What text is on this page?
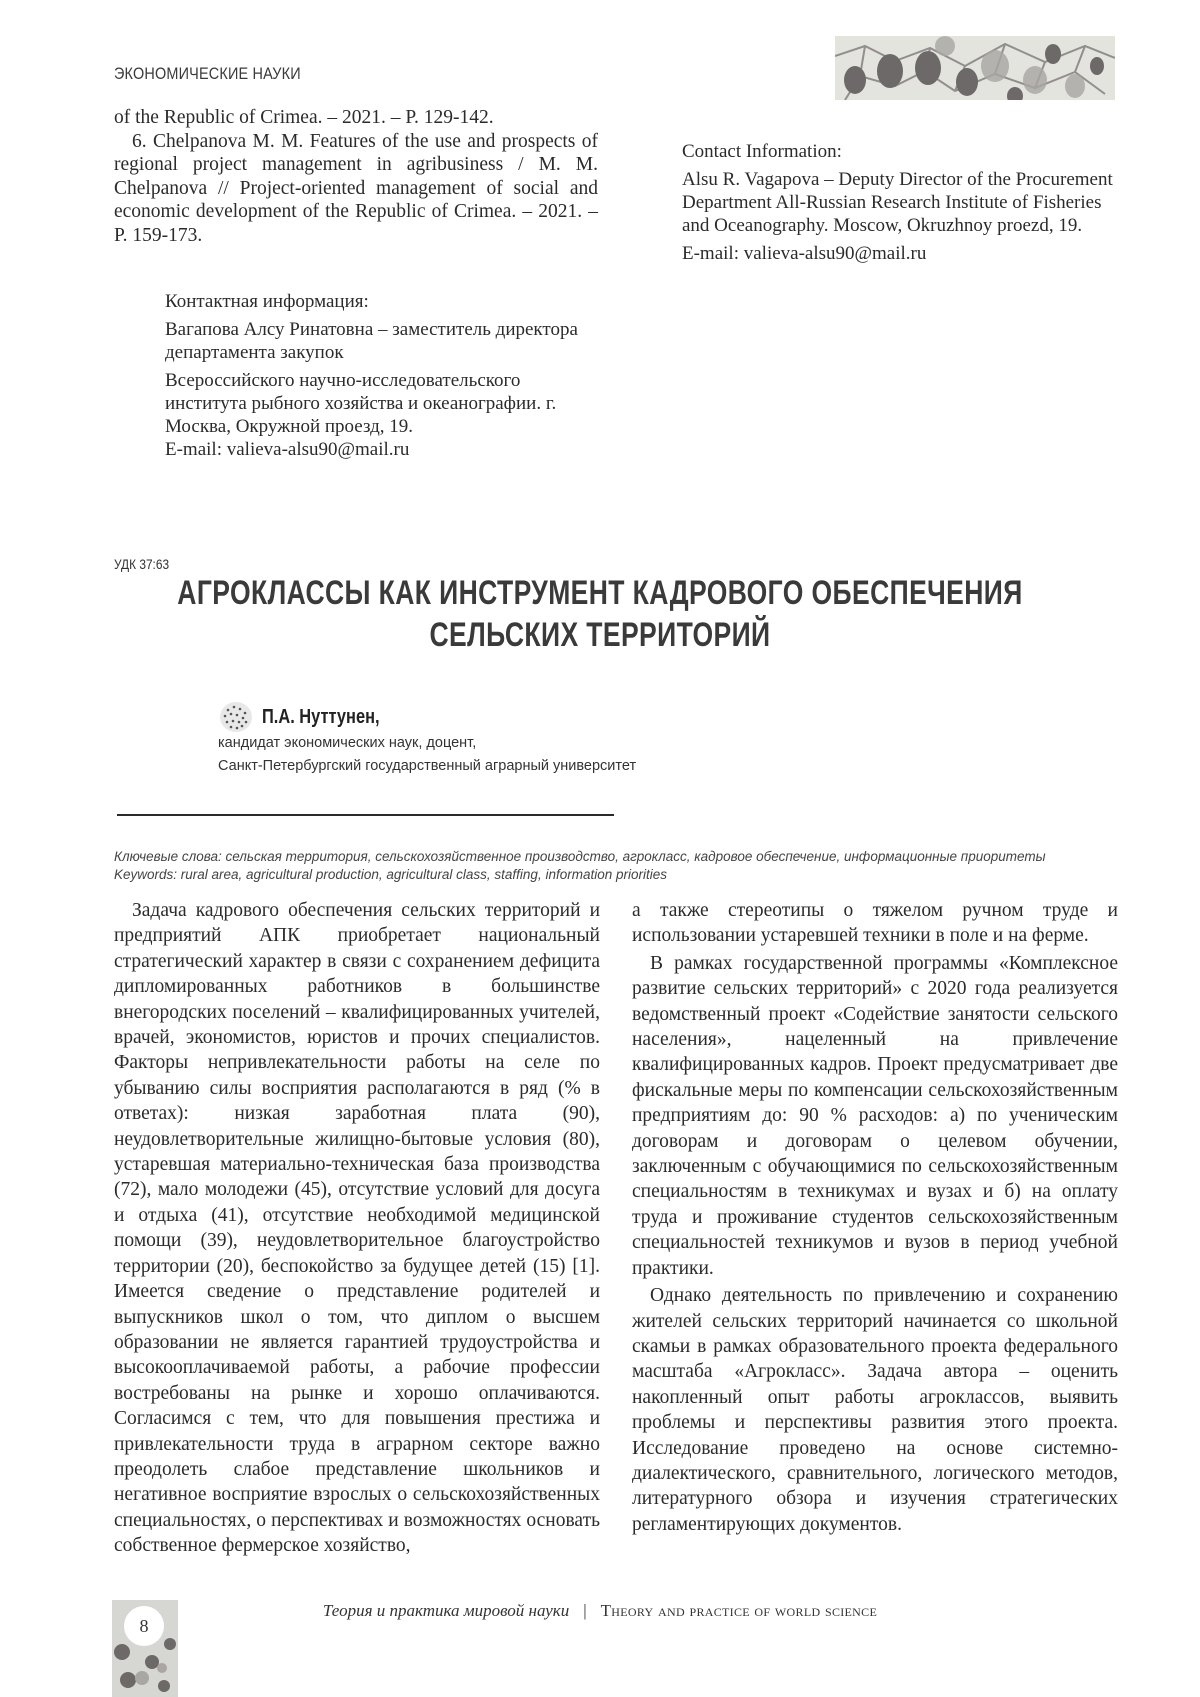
ЭКОНОМИЧЕСКИЕ НАУКИ

of the Republic of Crimea. – 2021. – P. 129-142.

6. Chelpanova M. M. Features of the use and prospects of regional project management in agribusiness / M. M. Chelpanova // Project-oriented management of social and economic development of the Republic of Crimea. – 2021. – P. 159-173.

Контактная информация:

Вагапова Алсу Ринатовна – заместитель директора департамента закупок

Всероссийского научно-исследовательского института рыбного хозяйства и океанографии. г. Москва, Окружной проезд, 19.

E-mail: valieva-alsu90@mail.ru

Contact Information:

Alsu R. Vagapova – Deputy Director of the Procurement Department All-Russian Research Institute of Fisheries and Oceanography. Moscow, Okruzhnoy proezd, 19.

E-mail: valieva-alsu90@mail.ru

УДК 37:63
АГРОКЛАССЫ КАК ИНСТРУМЕНТ КАДРОВОГО ОБЕСПЕЧЕНИЯ
СЕЛЬСКИХ ТЕРРИТОРИЙ
П.А. Нуттунен,
кандидат экономических наук, доцент,
Санкт-Петербургский государственный аграрный университет
Ключевые слова: сельская территория, сельскохозяйственное производство, агрокласс, кадровое обеспечение, информационные приоритеты
Keywords: rural area, agricultural production, agricultural class, staffing, information priorities

Задача кадрового обеспечения сельских территорий и предприятий АПК приобретает национальный стратегический характер в связи с сохранением дефицита дипломированных работников в большинстве внегородских поселений – квалифицированных учителей, врачей, экономистов, юристов и прочих специалистов. Факторы непривлекательности работы на селе по убыванию силы восприятия располагаются в ряд (% в ответах): низкая заработная плата (90), неудовлетворительные жилищно-бытовые условия (80), устаревшая материально-техническая база производства (72), мало молодежи (45), отсутствие условий для досуга и отдыха (41), отсутствие необходимой медицинской помощи (39), неудовлетворительное благоустройство территории (20), беспокойство за будущее детей (15) [1]. Имеется сведение о представление родителей и выпускников школ о том, что диплом о высшем образовании не является гарантией трудоустройства и высокооплачиваемой работы, а рабочие профессии востребованы на рынке и хорошо оплачиваются. Согласимся с тем, что для повышения престижа и привлекательности труда в аграрном секторе важно преодолеть слабое представление школьников и негативное восприятие взрослых о сельскохозяйственных специальностях, о перспективах и возможностях основать собственное фермерское хозяйство,

а также стереотипы о тяжелом ручном труде и использовании устаревшей техники в поле и на ферме.

В рамках государственной программы «Комплексное развитие сельских территорий» с 2020 года реализуется ведомственный проект «Содействие занятости сельского населения», нацеленный на привлечение квалифицированных кадров. Проект предусматривает две фискальные меры по компенсации сельскохозяйственным предприятиям до: 90 % расходов: а) по ученическим договорам и договорам о целевом обучении, заключенным с обучающимися по сельскохозяйственным специальностям в техникумах и вузах и б) на оплату труда и проживание студентов сельскохозяйственным специальностей техникумов и вузов в период учебной практики.

Однако деятельность по привлечению и сохранению жителей сельских территорий начинается со школьной скамьи в рамках образовательного проекта федерального масштаба «Агрокласс». Задача автора – оценить накопленный опыт работы агроклассов, выявить проблемы и перспективы развития этого проекта. Исследование проведено на основе системно-диалектического, сравнительного, логического методов, литературного обзора и изучения стратегических регламентирующих документов.

8
Теория и практика мировой науки | Theory and practice of world science
